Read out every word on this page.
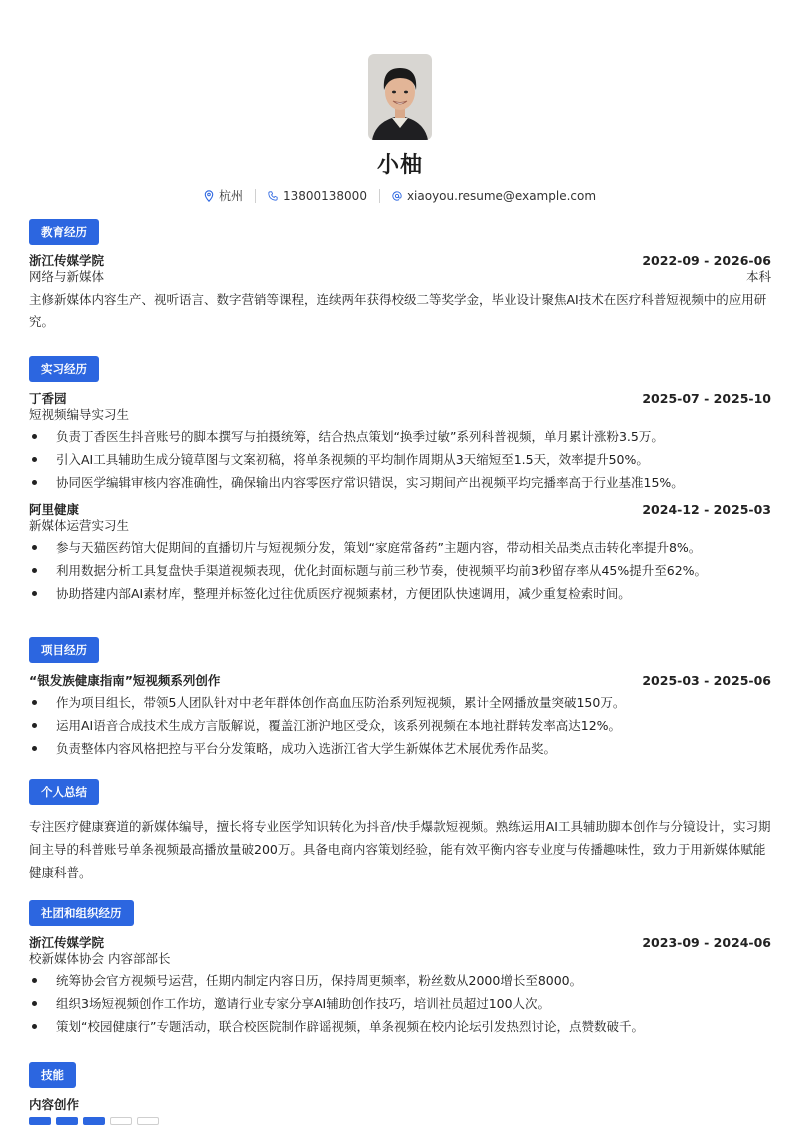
小柚
杭州	13800138000	xiaoyou.resume@example.com
教育经历
浙江传媒学院	2022-09 - 2026-06
网络与新媒体	本科
主修新媒体内容生产、视听语言、数字营销等课程，连续两年获得校级二等奖学金，毕业设计聚焦AI技术在医疗科普短视频中的应用研究。
实习经历
丁香园	2025-07 - 2025-10
短视频编导实习生
负责丁香医生抖音账号的脚本撰写与拍摄统筹，结合热点策划“换季过敏”系列科普视频，单月累计涨粉3.5万。
引入AI工具辅助生成分镜草图与文案初稿，将单条视频的平均制作周期从3天缩短至1.5天，效率提升50%。
协同医学编辑审核内容准确性，确保输出内容零医疗常识错误，实习期间产出视频平均完播率高于行业基准15%。
阿里健康	2024-12 - 2025-03
新媒体运营实习生
参与天猫医药馆大促期间的直播切片与短视频分发，策划“家庭常备药”主题内容，带动相关品类点击转化率提升8%。
利用数据分析工具复盘快手渠道视频表现，优化封面标题与前三秒节奏，使视频平均前3秒留存率从45%提升至62%。
协助搭建内部AI素材库，整理并标签化过往优质医疗视频素材，方便团队快速调用，减少重复检索时间。
项目经历
“银发族健康指南”短视频系列创作	2025-03 - 2025-06
作为项目组长，带领5人团队针对中老年群体创作高血压防治系列短视频，累计全网播放量突破150万。
运用AI语音合成技术生成方言版解说，覆盖江浙沪地区受众，该系列视频在本地社群转发率高达12%。
负责整体内容风格把控与平台分发策略，成功入选浙江省大学生新媒体艺术展优秀作品奖。
个人总结
专注医疗健康赛道的新媒体编导，擅长将专业医学知识转化为抖音/快手爆款短视频。熟练运用AI工具辅助脚本创作与分镜设计，实习期间主导的科普账号单条视频最高播放量破200万。具备电商内容策划经验，能有效平衡内容专业度与传播趣味性，致力于用新媒体赋能健康科普。
社团和组织经历
浙江传媒学院	2023-09 - 2024-06
校新媒体协会 内容部部长
统筹协会官方视频号运营，任期内制定内容日历，保持周更频率，粉丝数从2000增长至8000。
组织3场短视频创作工作坊，邀请行业专家分享AI辅助创作技巧，培训社员超过100人次。
策划“校园健康行”专题活动，联合校医院制作辟谣视频，单条视频在校内论坛引发热烈讨论，点赞数破千。
技能
内容创作
